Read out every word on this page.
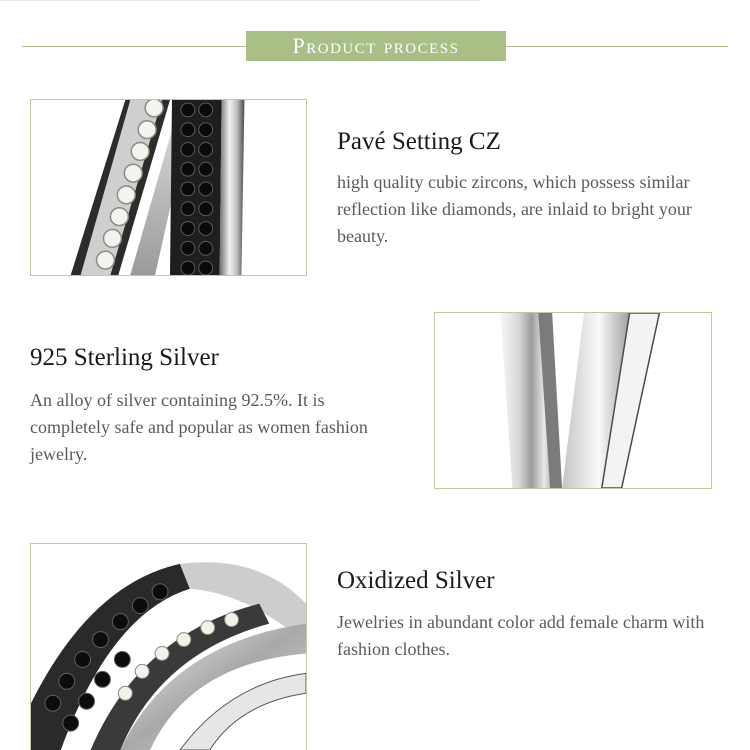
Product process
Pavé Setting CZ
high quality cubic zircons, which possess similar reflection like diamonds, are inlaid to bright your beauty.
925 Sterling Silver
An alloy of silver containing 92.5%. It is completely safe and popular as women fashion jewelry.
Oxidized Silver
Jewelries in abundant color add female charm with fashion clothes.
